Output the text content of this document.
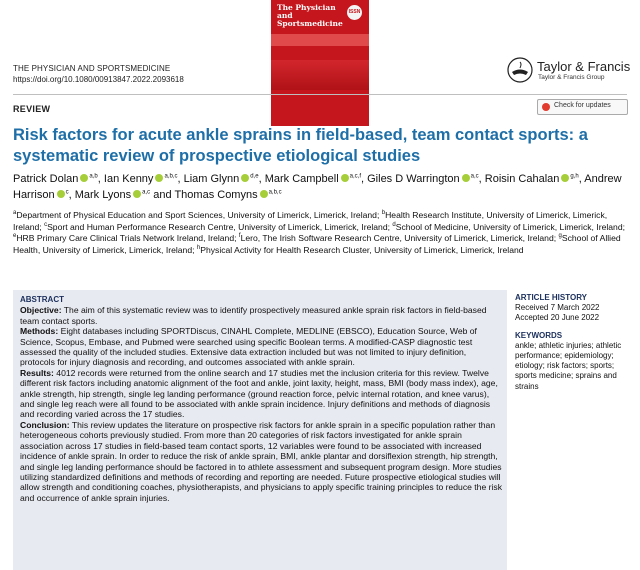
The Physician and Sportsmedicine
ISSN
THE PHYSICIAN AND SPORTSMEDICINE
https://doi.org/10.1080/00913847.2022.2093618
Taylor & Francis
Taylor & Francis Group
REVIEW	Check for updates
Risk factors for acute ankle sprains in field-based, team contact sports: a systematic review of prospective etiological studies
Patrick Dolan $^{a,b}$, Ian Kenny $^{a,b,c}$, Liam Glynn $^{d,e}$, Mark Campbell $^{a,c,f}$, Giles D Warrington $^{a,c}$, Roisin Cahalan $^{g,h}$, Andrew Harrison $^c$, Mark Lyons $^{a,c}$ and Thomas Comyns $^{a,b,c}$
$^a$Department of Physical Education and Sport Sciences, University of Limerick, Limerick, Ireland; $^b$Health Research Institute, University of Limerick, Limerick, Ireland; $^c$Sport and Human Performance Research Centre, University of Limerick, Limerick, Ireland; $^d$School of Medicine, University of Limerick, Limerick, Ireland; $^e$HRB Primary Care Clinical Trials Network Ireland, Ireland; $^f$Lero, The Irish Software Research Centre, University of Limerick, Limerick, Ireland; $^g$School of Allied Health, University of Limerick, Limerick, Ireland; $^h$Physical Activity for Health Research Cluster, University of Limerick, Limerick, Ireland
ABSTRACT

Objective: The aim of this systematic review was to identify prospectively measured ankle sprain risk factors in field-based team contact sports.

Methods: Eight databases including SPORTDiscus, CINAHL Complete, MEDLINE (EBSCO), Education Source, Web of Science, Scopus, Embase, and Pubmed were searched using specific Boolean terms. A modified-CASP diagnostic test assessed the quality of the included studies. Extensive data extraction included but was not limited to injury definition, protocols for injury diagnosis and recording, and outcomes associated with ankle sprain.

Results: 4012 records were returned from the online search and 17 studies met the inclusion criteria for this review. Twelve different risk factors including anatomic alignment of the foot and ankle, joint laxity, height, mass, BMI (body mass index), age, ankle strength, hip strength, single leg landing performance (ground reaction force, pelvic internal rotation, and knee varus), and single leg reach were all found to be associated with ankle sprain incidence. Injury definitions and methods of diagnosis and recording varied across the 17 studies.

Conclusion: This review updates the literature on prospective risk factors for ankle sprain in a specific population rather than heterogeneous cohorts previously studied. From more than 20 categories of risk factors investigated for ankle sprain association across 17 studies in field-based team contact sports, 12 variables were found to be associated with increased incidence of ankle sprain. In order to reduce the risk of ankle sprain, BMI, ankle plantar and dorsiflexion strength, hip strength, and single leg landing performance should be factored in to athlete assessment and subsequent program design. More studies utilizing standardized definitions and methods of recording and reporting are needed. Future prospective etiological studies will allow strength and conditioning coaches, physiotherapists, and physicians to apply specific training principles to reduce the risk and occurrence of ankle sprain injuries.

ARTICLE HISTORY
Received 7 March 2022
Accepted 20 June 2022
KEYWORDS
ankle; athletic injuries; athletic performance; epidemiology; etiology; risk factors; sports; sports medicine; sprains and strains
